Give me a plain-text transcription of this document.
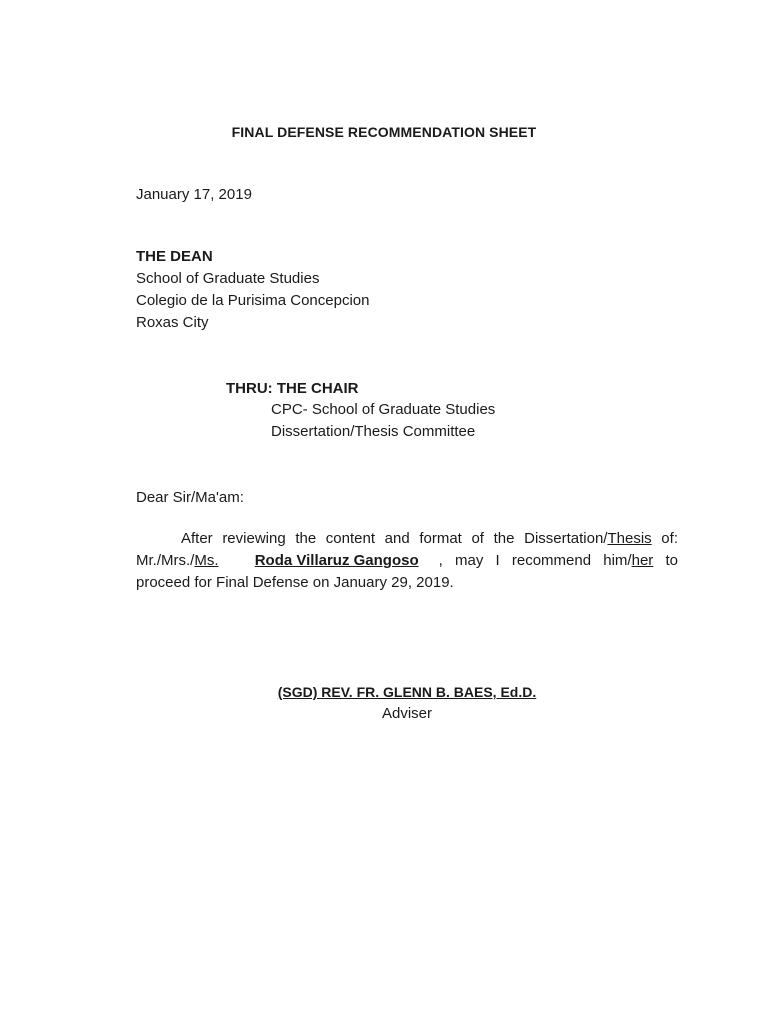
FINAL DEFENSE RECOMMENDATION SHEET
January 17, 2019
THE DEAN
School of Graduate Studies
Colegio de la Purisima Concepcion
Roxas City
THRU: THE CHAIR
CPC- School of Graduate Studies
Dissertation/Thesis Committee
Dear Sir/Ma'am:
After reviewing the content and format of the Dissertation/Thesis of:
Mr./Mrs./Ms. Roda Villaruz Gangoso , may I recommend him/her to
proceed for Final Defense on January 29, 2019.
(SGD) REV. FR. GLENN B. BAES, Ed.D.
Adviser
